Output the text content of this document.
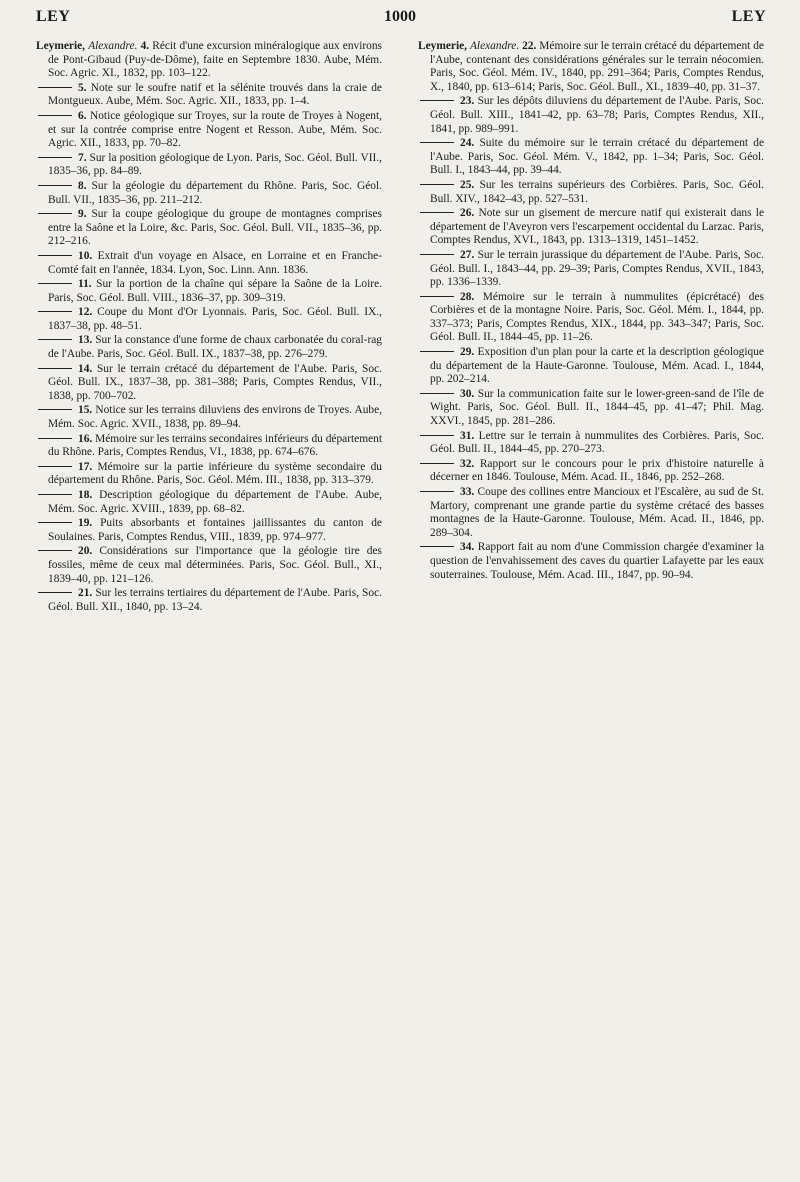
LEY	1000	LEY

Leymerie, Alexandre. 4. Récit d'une excursion minéralogique aux environs de Pont-Gibaud (Puy-de-Dôme), faite en Septembre 1830. Aube, Mém. Soc. Agric. XI., 1832, pp. 103–122.

5. Note sur le soufre natif et la sélénite trouvés dans la craie de Montgueux. Aube, Mém. Soc. Agric. XII., 1833, pp. 1–4.

6. Notice géologique sur Troyes, sur la route de Troyes à Nogent, et sur la contrée comprise entre Nogent et Resson. Aube, Mém. Soc. Agric. XII., 1833, pp. 70–82.

7. Sur la position géologique de Lyon. Paris, Soc. Géol. Bull. VII., 1835–36, pp. 84–89.

8. Sur la géologie du département du Rhône. Paris, Soc. Géol. Bull. VII., 1835–36, pp. 211–212.

9. Sur la coupe géologique du groupe de montagnes comprises entre la Saône et la Loire, &c. Paris, Soc. Géol. Bull. VII., 1835–36, pp. 212–216.

10. Extrait d'un voyage en Alsace, en Lorraine et en Franche-Comté fait en l'année, 1834. Lyon, Soc. Linn. Ann. 1836.

11. Sur la portion de la chaîne qui sépare la Saône de la Loire. Paris, Soc. Géol. Bull. VIII., 1836–37, pp. 309–319.

12. Coupe du Mont d'Or Lyonnais. Paris, Soc. Géol. Bull. IX., 1837–38, pp. 48–51.

13. Sur la constance d'une forme de chaux carbonatée du coral-rag de l'Aube. Paris, Soc. Géol. Bull. IX., 1837–38, pp. 276–279.

14. Sur le terrain crétacé du département de l'Aube. Paris, Soc. Géol. Bull. IX., 1837–38, pp. 381–388; Paris, Comptes Rendus, VII., 1838, pp. 700–702.

15. Notice sur les terrains diluviens des environs de Troyes. Aube, Mém. Soc. Agric. XVII., 1838, pp. 89–94.

16. Mémoire sur les terrains secondaires inférieurs du département du Rhône. Paris, Comptes Rendus, VI., 1838, pp. 674–676.

17. Mémoire sur la partie inférieure du système secondaire du département du Rhône. Paris, Soc. Géol. Mém. III., 1838, pp. 313–379.

18. Description géologique du département de l'Aube. Aube, Mém. Soc. Agric. XVIII., 1839, pp. 68–82.

19. Puits absorbants et fontaines jaillissantes du canton de Soulaines. Paris, Comptes Rendus, VIII., 1839, pp. 974–977.

20. Considérations sur l'importance que la géologie tire des fossiles, même de ceux mal déterminées. Paris, Soc. Géol. Bull., XI., 1839–40, pp. 121–126.

21. Sur les terrains tertiaires du département de l'Aube. Paris, Soc. Géol. Bull. XII., 1840, pp. 13–24.

Leymerie, Alexandre. 22. Mémoire sur le terrain crétacé du département de l'Aube, contenant des considérations générales sur le terrain néocomien. Paris, Soc. Géol. Mém. IV., 1840, pp. 291–364; Paris, Comptes Rendus, X., 1840, pp. 613–614; Paris, Soc. Géol. Bull., XI., 1839–40, pp. 31–37.

23. Sur les dépôts diluviens du département de l'Aube. Paris, Soc. Géol. Bull. XIII., 1841–42, pp. 63–78; Paris, Comptes Rendus, XII., 1841, pp. 989–991.

24. Suite du mémoire sur le terrain crétacé du département de l'Aube. Paris, Soc. Géol. Mém. V., 1842, pp. 1–34; Paris, Soc. Géol. Bull. I., 1843–44, pp. 39–44.

25. Sur les terrains supérieurs des Corbières. Paris, Soc. Géol. Bull. XIV., 1842–43, pp. 527–531.

26. Note sur un gisement de mercure natif qui existerait dans le département de l'Aveyron vers l'escarpement occidental du Larzac. Paris, Comptes Rendus, XVI., 1843, pp. 1313–1319, 1451–1452.

27. Sur le terrain jurassique du département de l'Aube. Paris, Soc. Géol. Bull. I., 1843–44, pp. 29–39; Paris, Comptes Rendus, XVII., 1843, pp. 1336–1339.

28. Mémoire sur le terrain à nummulites (épicrétacé) des Corbières et de la montagne Noire. Paris, Soc. Géol. Mém. I., 1844, pp. 337–373; Paris, Comptes Rendus, XIX., 1844, pp. 343–347; Paris, Soc. Géol. Bull. II., 1844–45, pp. 11–26.

29. Exposition d'un plan pour la carte et la description géologique du département de la Haute-Garonne. Toulouse, Mém. Acad. I., 1844, pp. 202–214.

30. Sur la communication faite sur le lower-green-sand de l'île de Wight. Paris, Soc. Géol. Bull. II., 1844–45, pp. 41–47; Phil. Mag. XXVI., 1845, pp. 281–286.

31. Lettre sur le terrain à nummulites des Corbières. Paris, Soc. Géol. Bull. II., 1844–45, pp. 270–273.

32. Rapport sur le concours pour le prix d'histoire naturelle à décerner en 1846. Toulouse, Mém. Acad. II., 1846, pp. 252–268.

33. Coupe des collines entre Mancioux et l'Escalère, au sud de St. Martory, comprenant une grande partie du système crétacé des basses montagnes de la Haute-Garonne. Toulouse, Mém. Acad. II., 1846, pp. 289–304.

34. Rapport fait au nom d'une Commission chargée d'examiner la question de l'envahissement des caves du quartier Lafayette par les eaux souterraines. Toulouse, Mém. Acad. III., 1847, pp. 90–94.
